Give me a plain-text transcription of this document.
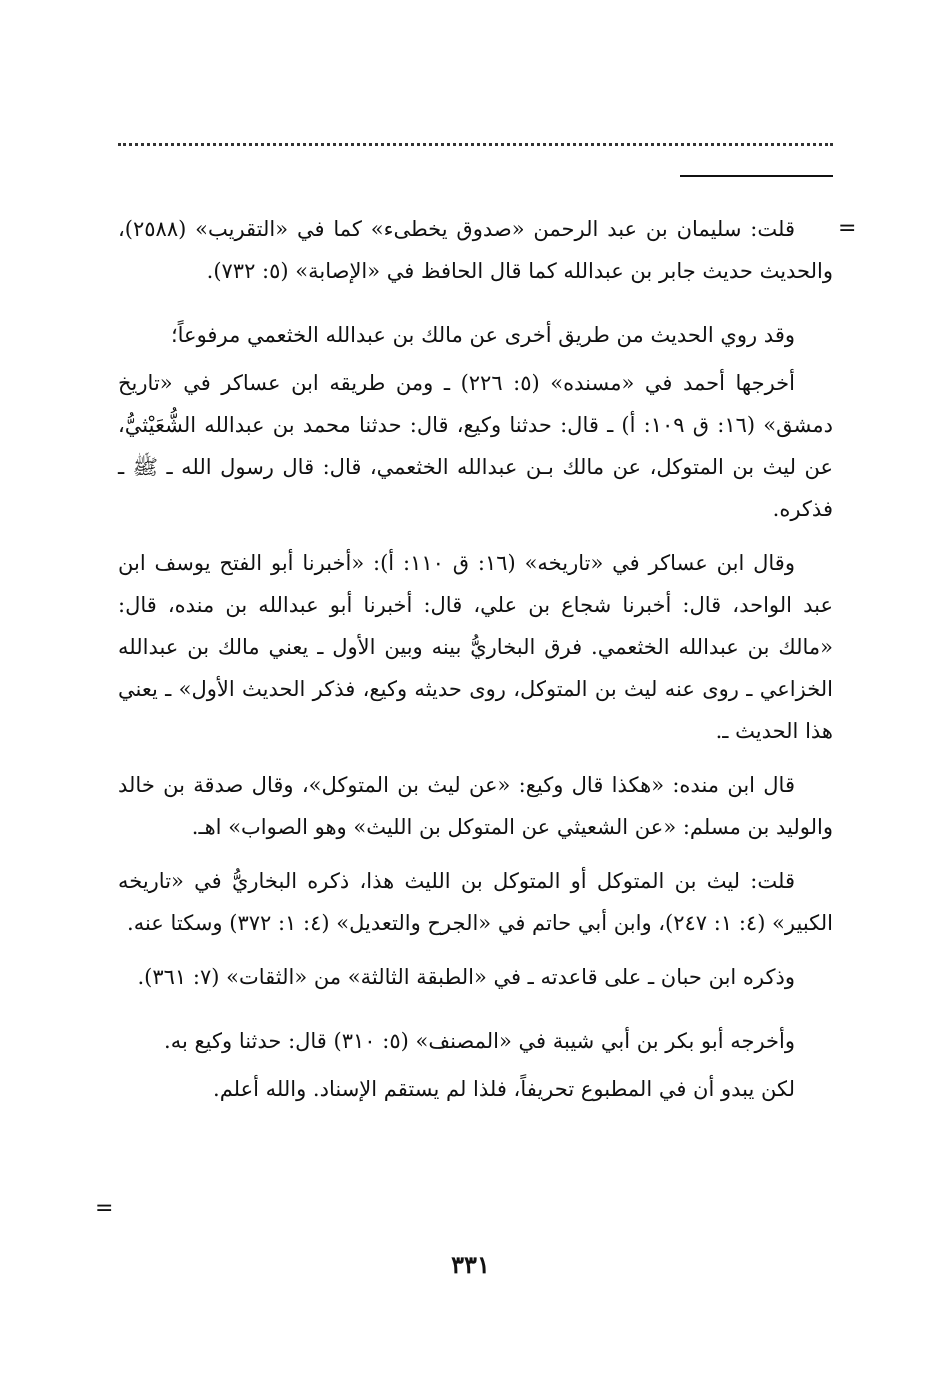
=

قلت: سليمان بن عبد الرحمن «صدوق يخطىء» كما في «التقريب» (٢٥٨٨)، والحديث حديث جابر بن عبدالله كما قال الحافظ في «الإصابة» (٥: ٧٣٢).

وقد روي الحديث من طريق أخرى عن مالك بن عبدالله الخثعمي مرفوعاً؛

أخرجها أحمد في «مسنده» (٥: ٢٢٦) ـ ومن طريقه ابن عساكر في «تاريخ دمشق» (١٦: ق ١٠٩: أ) ـ قال: حدثنا وكيع، قال: حدثنا محمد بن عبدالله الشُّعَيْثيُّ، عن ليث بن المتوكل، عن مالك بـن عبدالله الخثعمي، قال: قال رسول الله ـ ﷺ ـ فذكره.

وقال ابن عساكر في «تاريخه» (١٦: ق ١١٠: أ): «أخبرنا أبو الفتح يوسف ابن عبد الواحد، قال: أخبرنا شجاع بن علي، قال: أخبرنا أبو عبدالله بن منده، قال: «مالك بن عبدالله الخثعمي. فرق البخاريُّ بينه وبين الأول ـ يعني مالك بن عبدالله الخزاعي ـ روى عنه ليث بن المتوكل، روى حديثه وكيع، فذكر الحديث الأول» ـ يعني هذا الحديث ـ.

قال ابن منده: «هكذا قال وكيع: «عن ليث بن المتوكل»، وقال صدقة بن خالد والوليد بن مسلم: «عن الشعيثي عن المتوكل بن الليث» وهو الصواب» اهـ.

قلت: ليث بن المتوكل أو المتوكل بن الليث هذا، ذكره البخاريُّ في «تاريخه الكبير» (٤: ١: ٢٤٧)، وابن أبي حاتم في «الجرح والتعديل» (٤: ١: ٣٧٢) وسكتا عنه.

وذكره ابن حبان ـ على قاعدته ـ في «الطبقة الثالثة» من «الثقات» (٧: ٣٦١).

وأخرجه أبو بكر بن أبي شيبة في «المصنف» (٥: ٣١٠) قال: حدثنا وكيع به.

لكن يبدو أن في المطبوع تحريفاً، فلذا لم يستقم الإسناد. والله أعلم.

=
٣٣١
